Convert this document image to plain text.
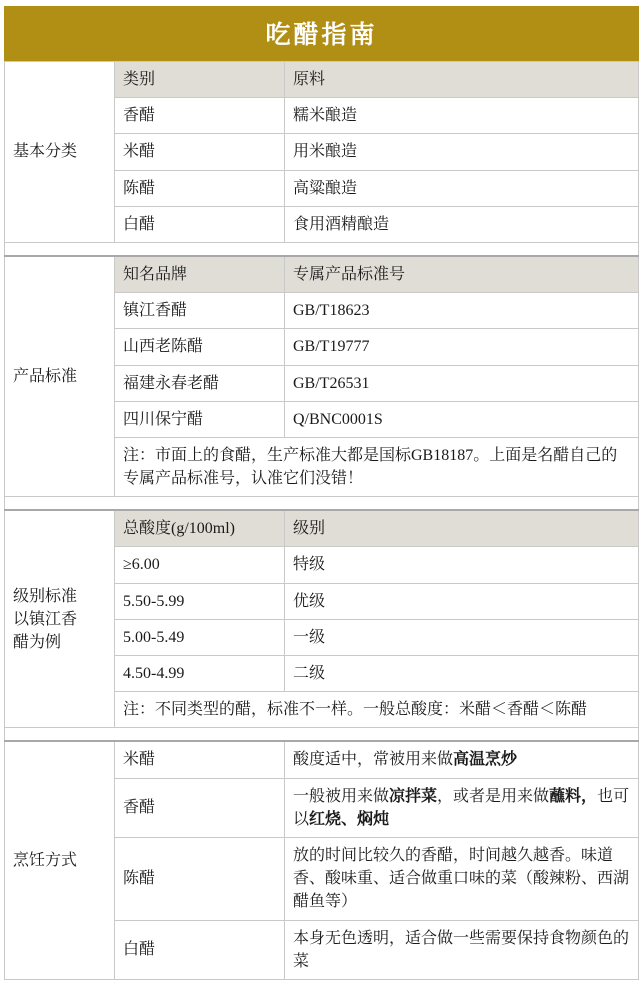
吃醋指南
基本分类	类别	原料
	香醋	糯米酿造
	米醋	用米酿造
	陈醋	高粱酿造
	白醋	食用酒精酿造

产品标准	知名品牌	专属产品标准号
	镇江香醋	GB/T18623
	山西老陈醋	GB/T19777
	福建永春老醋	GB/T26531
	四川保宁醋	Q/BNC0001S
	注：市面上的食醋，生产标准大都是国标GB18187。上面是名醋自己的专属产品标准号，认准它们没错！	

级别标准
以镇江香
醋为例	总酸度(g/100ml)	级别
	≥6.00	特级
	5.50-5.99	优级
	5.00-5.49	一级
	4.50-4.99	二级
	注：不同类型的醋，标准不一样。一般总酸度：米醋＜香醋＜陈醋	

烹饪方式	米醋	酸度适中，常被用来做高温烹炒
	香醋	一般被用来做凉拌菜，或者是用来做蘸料，也可以红烧、焖炖
	陈醋	放的时间比较久的香醋，时间越久越香。味道香、酸味重、适合做重口味的菜（酸辣粉、西湖醋鱼等）
	白醋	本身无色透明，适合做一些需要保持食物颜色的菜
